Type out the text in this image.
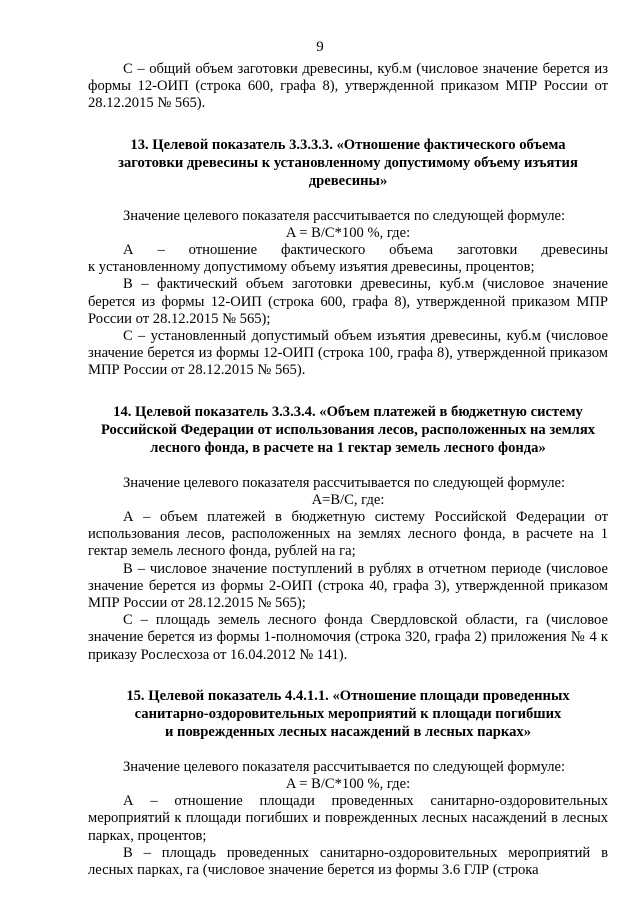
9

С – общий объем заготовки древесины, куб.м (числовое значение берется из формы 12-ОИП (строка 600, графа 8), утвержденной приказом МПР России от 28.12.2015 № 565).

13. Целевой показатель 3.3.3.3. «Отношение фактического объема
заготовки древесины к установленному допустимому объему изъятия
древесины»

Значение целевого показателя рассчитывается по следующей формуле:

A = B/C*100 %, где:

А – отношение фактического объема заготовки древесины

к установленному допустимому объему изъятия древесины, процентов;

В – фактический объем заготовки древесины, куб.м (числовое значение берется из формы 12-ОИП (строка 600, графа 8), утвержденной приказом МПР России от 28.12.2015 № 565);

С – установленный допустимый объем изъятия древесины, куб.м (числовое значение берется из формы 12-ОИП (строка 100, графа 8), утвержденной приказом МПР России от 28.12.2015 № 565).

14. Целевой показатель 3.3.3.4. «Объем платежей в бюджетную систему
Российской Федерации от использования лесов, расположенных на землях
лесного фонда, в расчете на 1 гектар земель лесного фонда»

Значение целевого показателя рассчитывается по следующей формуле:

A=B/C, где:

А – объем платежей в бюджетную систему Российской Федерации от использования лесов, расположенных на землях лесного фонда, в расчете на 1 гектар земель лесного фонда, рублей на га;

В – числовое значение поступлений в рублях в отчетном периоде (числовое значение берется из формы 2-ОИП (строка 40, графа 3), утвержденной приказом МПР России от 28.12.2015 № 565);

С – площадь земель лесного фонда Свердловской области, га (числовое значение берется из формы 1-полномочия (строка 320, графа 2) приложения № 4 к приказу Рослесхоза от 16.04.2012 № 141).

15. Целевой показатель 4.4.1.1. «Отношение площади проведенных
санитарно-оздоровительных мероприятий к площади погибших
и поврежденных лесных насаждений в лесных парках»

Значение целевого показателя рассчитывается по следующей формуле:

A = B/C*100 %, где:

А – отношение площади проведенных санитарно-оздоровительных мероприятий к площади погибших и поврежденных лесных насаждений в лесных парках, процентов;

В – площадь проведенных санитарно-оздоровительных мероприятий в лесных парках, га (числовое значение берется из формы 3.6 ГЛР (строка
